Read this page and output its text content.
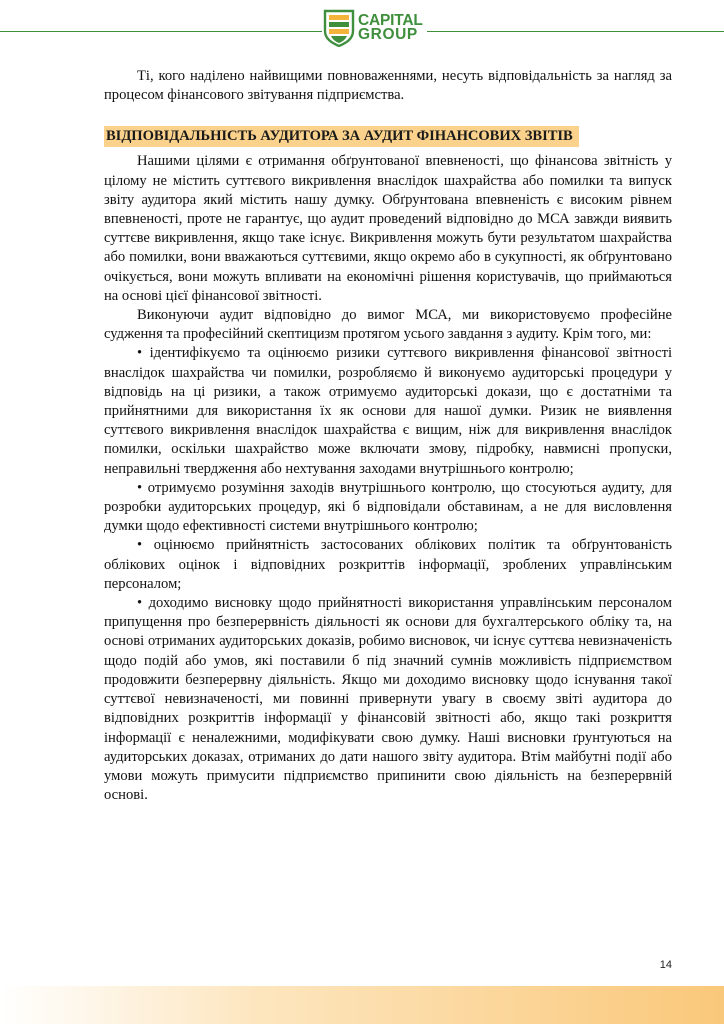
CAPITAL
GROUP

Ті, кого наділено найвищими повноваженнями, несуть відповідальність за нагляд за процесом фінансового звітування підприємства.

ВІДПОВІДАЛЬНІСТЬ АУДИТОРА ЗА АУДИТ ФІНАНСОВИХ ЗВІТІВ

Нашими цілями є отримання обґрунтованої впевненості, що фінансова звітність у цілому не містить суттєвого викривлення внаслідок шахрайства або помилки та випуск звіту аудитора який містить нашу думку. Обґрунтована впевненість є високим рівнем впевненості, проте не гарантує, що аудит проведений відповідно до МСА завжди виявить суттєве викривлення, якщо таке існує. Викривлення можуть бути результатом шахрайства або помилки, вони вважаються суттєвими, якщо окремо або в сукупності, як обґрунтовано очікується, вони можуть впливати на економічні рішення користувачів, що приймаються на основі цієї фінансової звітності.

Виконуючи аудит відповідно до вимог МСА, ми використовуємо професійне судження та професійний скептицизм протягом усього завдання з аудиту. Крім того, ми:

• ідентифікуємо та оцінюємо ризики суттєвого викривлення фінансової звітності внаслідок шахрайства чи помилки, розробляємо й виконуємо аудиторські процедури у відповідь на ці ризики, а також отримуємо аудиторські докази, що є достатніми та прийнятними для використання їх як основи для нашої думки. Ризик не виявлення суттєвого викривлення внаслідок шахрайства є вищим, ніж для викривлення внаслідок помилки, оскільки шахрайство може включати змову, підробку, навмисні пропуски, неправильні твердження або нехтування заходами внутрішнього контролю;

• отримуємо розуміння заходів внутрішнього контролю, що стосуються аудиту, для розробки аудиторських процедур, які б відповідали обставинам, а не для висловлення думки щодо ефективності системи внутрішнього контролю;

• оцінюємо прийнятність застосованих облікових політик та обґрунтованість облікових оцінок і відповідних розкриттів інформації, зроблених управлінським персоналом;

• доходимо висновку щодо прийнятності використання управлінським персоналом припущення про безперервність діяльності як основи для бухгалтерського обліку та, на основі отриманих аудиторських доказів, робимо висновок, чи існує суттєва невизначеність щодо подій або умов, які поставили б під значний сумнів можливість підприємством продовжити безперервну діяльність. Якщо ми доходимо висновку щодо існування такої суттєвої невизначеності, ми повинні привернути увагу в своєму звіті аудитора до відповідних розкриттів інформації у фінансовій звітності або, якщо такі розкриття інформації є неналежними, модифікувати свою думку. Наші висновки ґрунтуються на аудиторських доказах, отриманих до дати нашого звіту аудитора. Втім майбутні події або умови можуть примусити підприємство припинити свою діяльність на безперервній основі.

14
